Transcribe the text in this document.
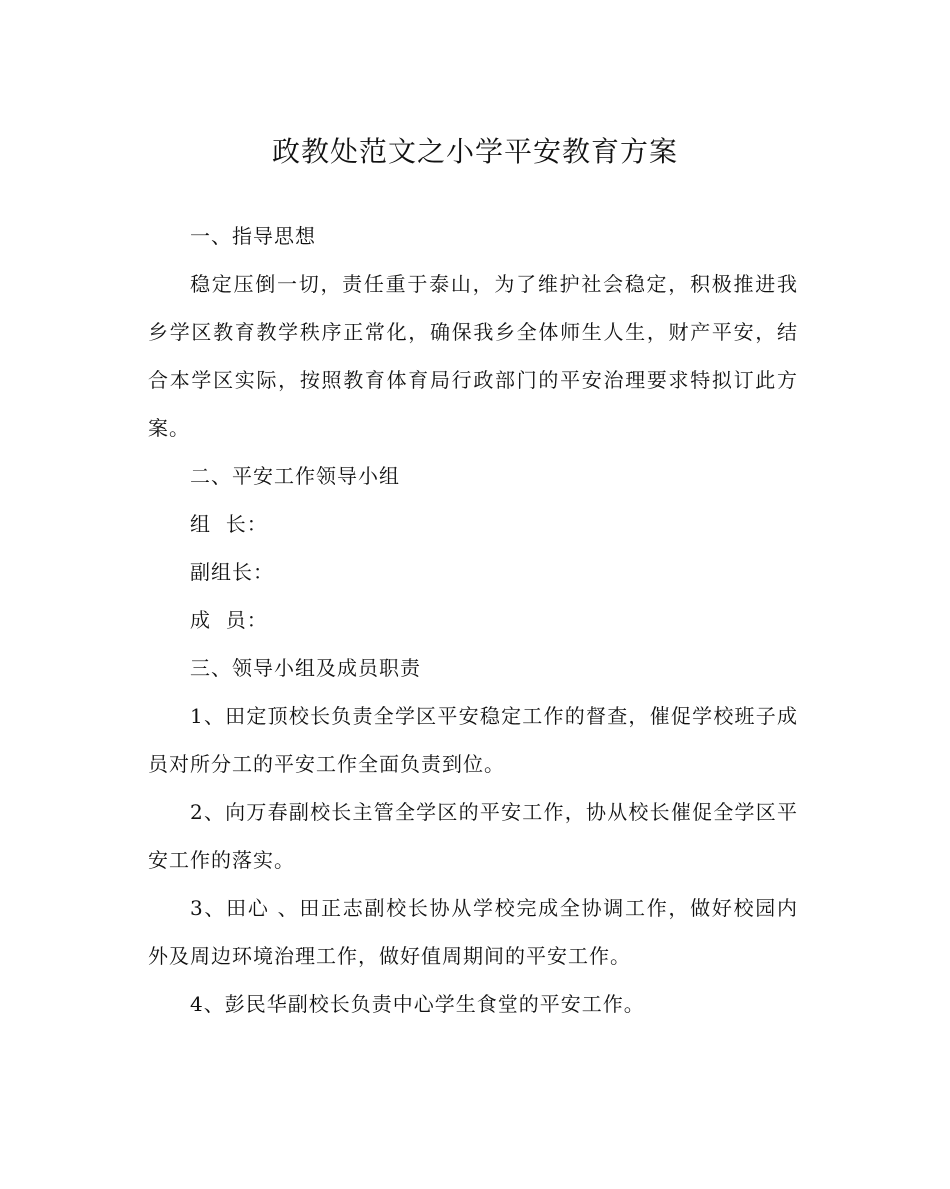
政教处范文之小学平安教育方案

一、指导思想

稳定压倒一切，责任重于泰山，为了维护社会稳定，积极推进我乡学区教育教学秩序正常化，确保我乡全体师生人生，财产平安，结合本学区实际，按照教育体育局行政部门的平安治理要求特拟订此方案。

二、平安工作领导小组

组  长：

副组长：

成  员：

三、领导小组及成员职责

1、田定顶校长负责全学区平安稳定工作的督查，催促学校班子成员对所分工的平安工作全面负责到位。

2、向万春副校长主管全学区的平安工作，协从校长催促全学区平安工作的落实。

3、田心 、田正志副校长协从学校完成全协调工作，做好校园内外及周边环境治理工作，做好值周期间的平安工作。

4、彭民华副校长负责中心学生食堂的平安工作。
